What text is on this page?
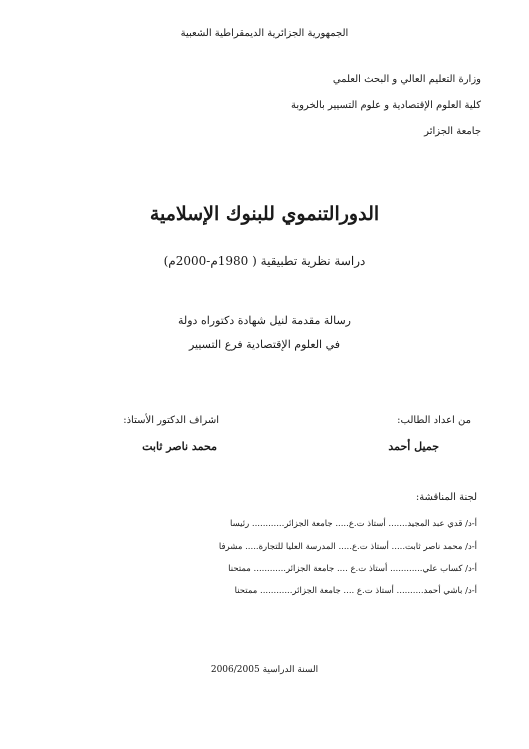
الجمهورية الجزائرية الديمقراطية الشعبية
وزارة التعليم العالي و البحث العلمي
كلية العلوم الإقتصادية و علوم التسيير بالخروبة
جامعة الجزائر
الدورالتنموي للبنوك الإسلامية
دراسة نظرية تطبيقية ( 1980م-2000م)
رسالة مقدمة لنيل شهادة دكتوراه دولة
في العلوم الإقتصادية فرع التسيير
من اعداد الطالب:
اشراف الدكتور الأستاذ:
جميل أحمد
محمد ناصر ثابت
لجنة المناقشة:
أ-د/ قدي عبد المجيد....... أستاذ ت.ع..... جامعة الجزائر............ رئيسا
أ-د/ محمد ناصر ثابت..... أستاذ ت.ع..... المدرسة العليا للتجارة..... مشرفا
أ-د/ كساب علي............ أستاذ ت.ع .... جامعة الجزائر............ ممتحنا
أ-د/ باشي أحمد.......... أستاذ ت.ع .... جامعة الجزائر............ ممتحنا
السنة الدراسية 2006/2005
